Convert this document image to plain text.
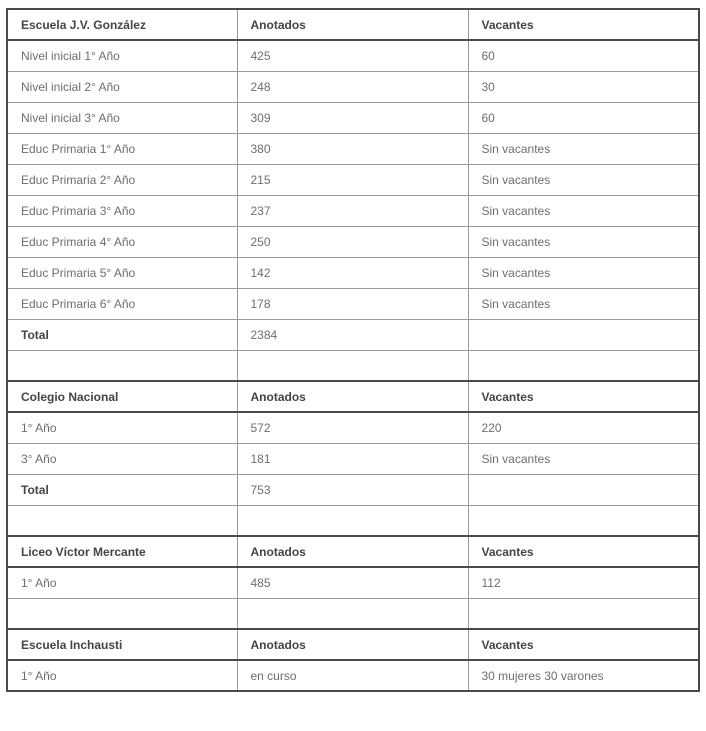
Escuela J.V. González	Anotados	Vacantes
Nivel inicial 1° Año	425	60
Nivel inicial 2° Año	248	30
Nivel inicial 3° Año	309	60
Educ Primaria 1° Año	380	Sin vacantes
Educ Primaria 2° Año	215	Sin vacantes
Educ Primaria 3° Año	237	Sin vacantes
Educ Primaria 4° Año	250	Sin vacantes
Educ Primaria 5° Año	142	Sin vacantes
Educ Primaria 6° Año	178	Sin vacantes
Total	2384	

Colegio Nacional	Anotados	Vacantes
1° Año	572	220
3° Año	181	Sin vacantes
Total	753	

Liceo Víctor Mercante	Anotados	Vacantes
1° Año	485	112

Escuela Inchausti	Anotados	Vacantes
1° Año	en curso	30 mujeres 30 varones
